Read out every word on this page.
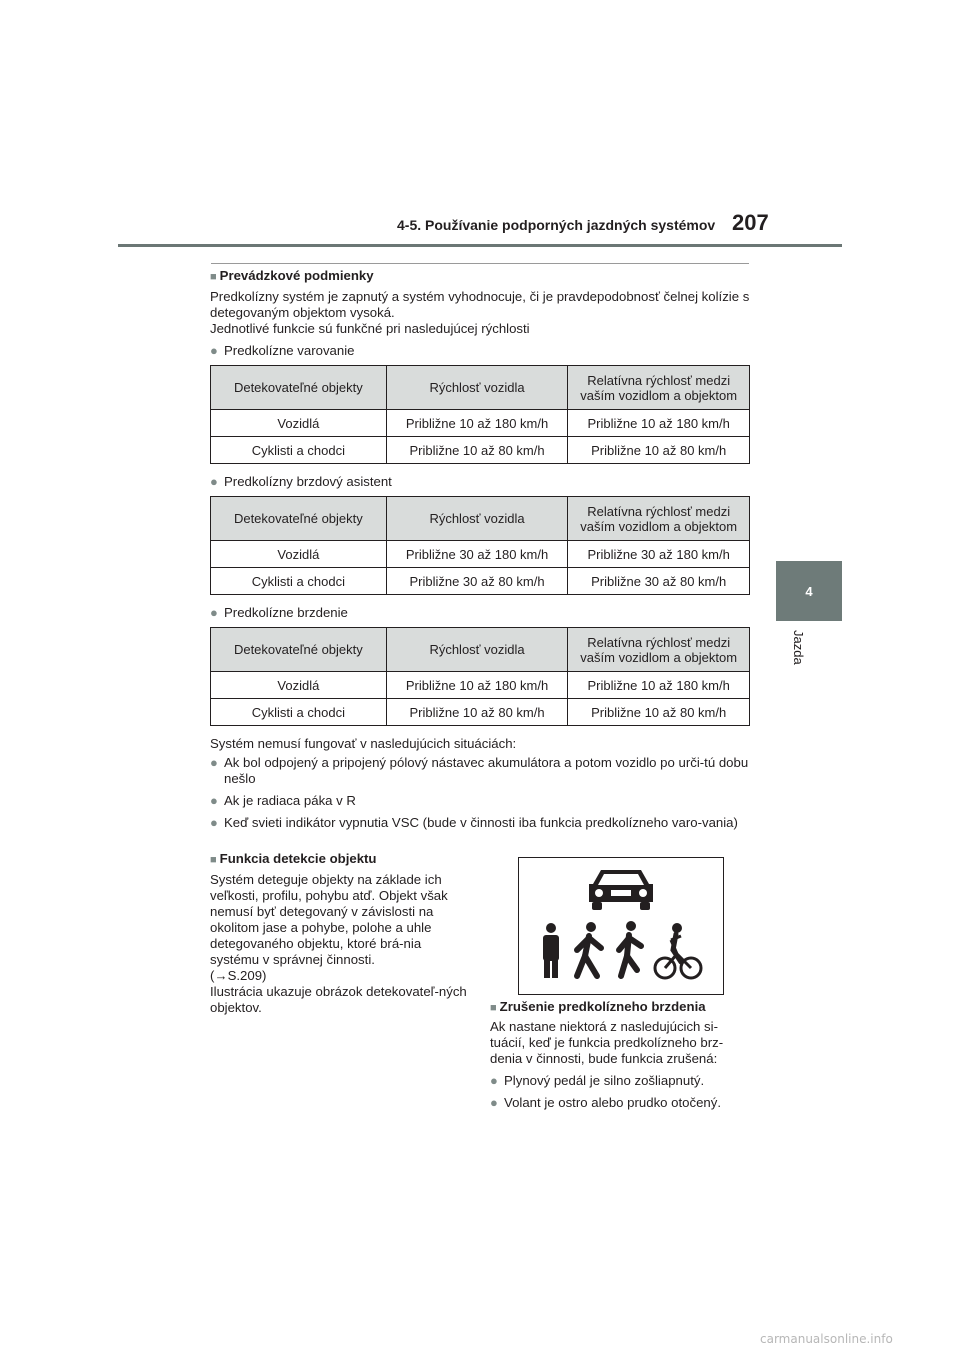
4-5. Používanie podporných jazdných systémov 207
4
Jazda
■ Prevádzkové podmienky
Predkolízny systém je zapnutý a systém vyhodnocuje, či je pravdepodobnosť čelnej kolízie s detegovaným objektom vysoká.
Jednotlivé funkcie sú funkčné pri nasledujúcej rýchlosti
● Predkolízne varovanie
Detekovateľné objekty	Rýchlosť vozidla	Relatívna rýchlosť medzi vaším vozidlom a objektom
Vozidlá	Približne 10 až 180 km/h	Približne 10 až 180 km/h
Cyklisti a chodci	Približne 10 až 80 km/h	Približne 10 až 80 km/h
● Predkolízny brzdový asistent
Detekovateľné objekty	Rýchlosť vozidla	Relatívna rýchlosť medzi vaším vozidlom a objektom
Vozidlá	Približne 30 až 180 km/h	Približne 30 až 180 km/h
Cyklisti a chodci	Približne 30 až 80 km/h	Približne 30 až 80 km/h
● Predkolízne brzdenie
Detekovateľné objekty	Rýchlosť vozidla	Relatívna rýchlosť medzi vaším vozidlom a objektom
Vozidlá	Približne 10 až 180 km/h	Približne 10 až 180 km/h
Cyklisti a chodci	Približne 10 až 80 km/h	Približne 10 až 80 km/h
Systém nemusí fungovať v nasledujúcich situáciách:
● Ak bol odpojený a pripojený pólový nástavec akumulátora a potom vozidlo po urči-tú dobu nešlo
● Ak je radiaca páka v R
● Keď svieti indikátor vypnutia VSC (bude v činnosti iba funkcia predkolízneho varo-vania)
■ Funkcia detekcie objektu
Systém deteguje objekty na základe ich veľkosti, profilu, pohybu atď. Objekt však nemusí byť detegovaný v závislosti na okolitom jase a pohybe, polohe a uhle detegovaného objektu, ktoré brá-nia systému v správnej činnosti.
(→S.209)
Ilustrácia ukazuje obrázok detekovateľ-ných objektov.	■ Zrušenie predkolízneho brzdenia
Ak nastane niektorá z nasledujúcich si-tuácií, keď je funkcia predkolízneho brz-denia v činnosti, bude funkcia zrušená:
● Plynový pedál je silno zošliapnutý.
● Volant je ostro alebo prudko otočený.
carmanualsonline.info
